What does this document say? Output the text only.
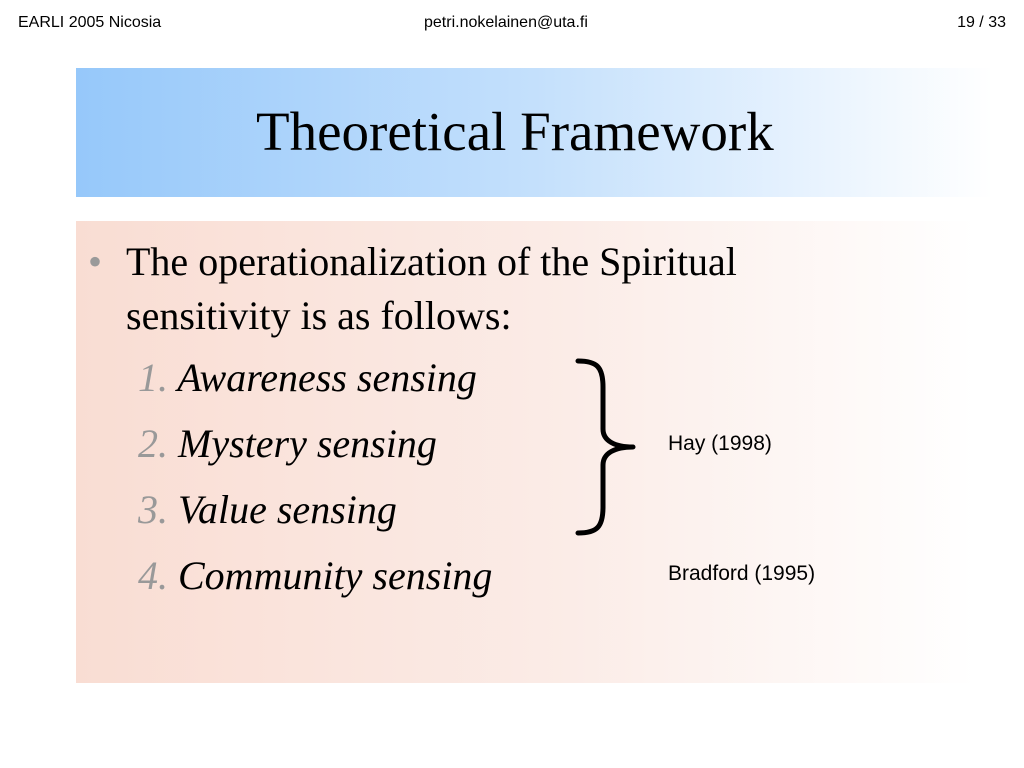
EARLI 2005 Nicosia	petri.nokelainen@uta.fi	19 / 33
Theoretical Framework
• The operationalization of the Spiritual sensitivity is as follows:
1. Awareness sensing
2. Mystery sensing
3. Value sensing
4. Community sensing
Hay (1998)
Bradford (1995)
